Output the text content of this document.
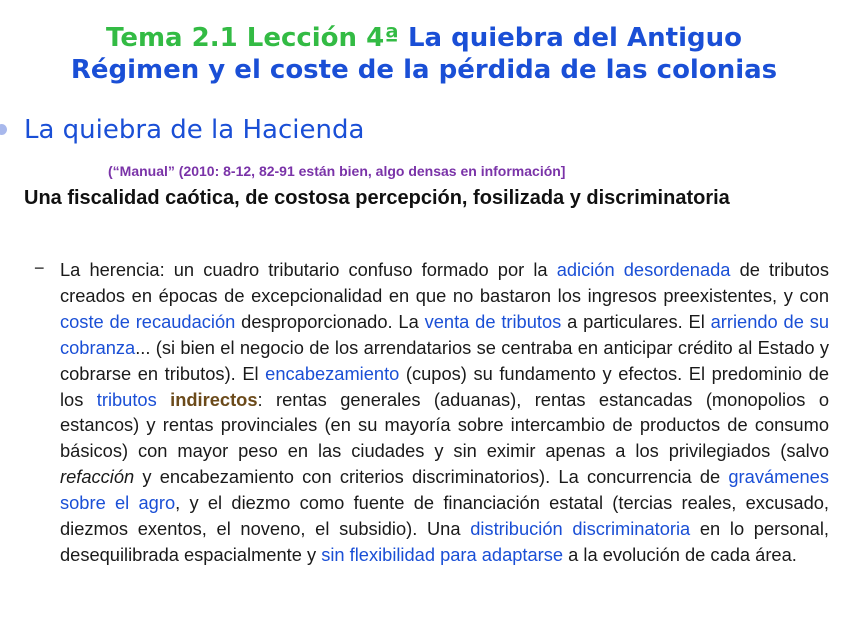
Tema 2.1 Lección 4ª La quiebra del Antiguo
Régimen y el coste de la pérdida de las colonias
La quiebra de la Hacienda
(“Manual” (2010: 8-12, 82-91 están bien, algo densas en información]
Una fiscalidad caótica, de costosa percepción, fosilizada y discriminatoria
− La herencia: un cuadro tributario confuso formado por la adición desordenada de tributos creados en épocas de excepcionalidad en que no bastaron los ingresos preexistentes, y con coste de recaudación desproporcionado. La venta de tributos a particulares. El arriendo de su cobranza... (si bien el negocio de los arrendatarios se centraba en anticipar crédito al Estado y cobrarse en tributos). El encabezamiento (cupos) su fundamento y efectos. El predominio de los tributos indirectos: rentas generales (aduanas), rentas estancadas (monopolios o estancos) y rentas provinciales (en su mayoría sobre intercambio de productos de consumo básicos) con mayor peso en las ciudades y sin eximir apenas a los privilegiados (salvo refacción y encabezamiento con criterios discriminatorios). La concurrencia de gravámenes sobre el agro, y el diezmo como fuente de financiación estatal (tercias reales, excusado, diezmos exentos, el noveno, el subsidio). Una distribución discriminatoria en lo personal, desequilibrada espacialmente y sin flexibilidad para adaptarse a la evolución de cada área.
